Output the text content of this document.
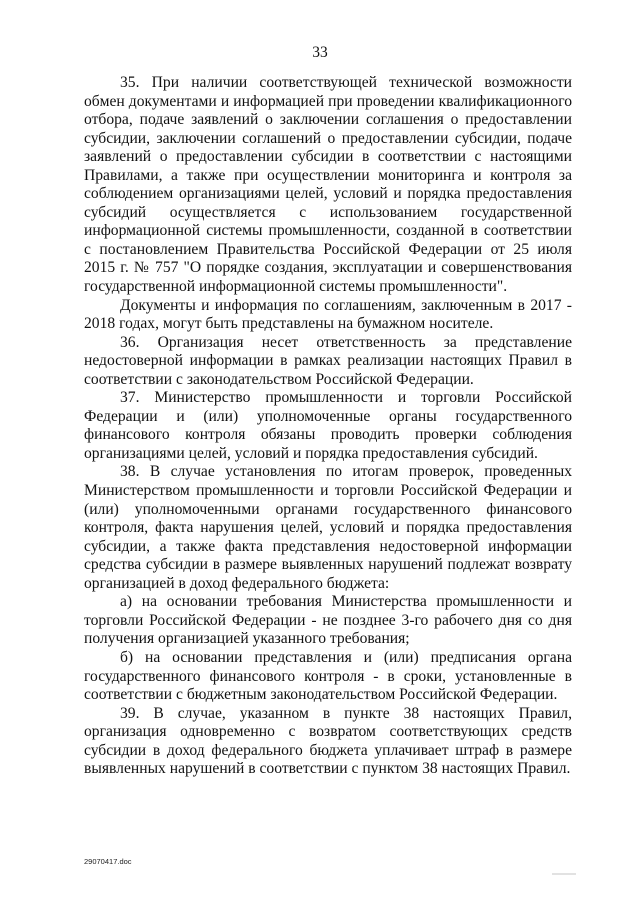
33

35. При наличии соответствующей технической возможности обмен документами и информацией при проведении квалификационного отбора, подаче заявлений о заключении соглашения о предоставлении субсидии, заключении соглашений о предоставлении субсидии, подаче заявлений о предоставлении субсидии в соответствии с настоящими Правилами, а также при осуществлении мониторинга и контроля за соблюдением организациями целей, условий и порядка предоставления субсидий осуществляется с использованием государственной информационной системы промышленности, созданной в соответствии с постановлением Правительства Российской Федерации от 25 июля 2015 г. № 757 "О порядке создания, эксплуатации и совершенствования государственной информационной системы промышленности".

Документы и информация по соглашениям, заключенным в 2017 - 2018 годах, могут быть представлены на бумажном носителе.

36. Организация несет ответственность за представление недостоверной информации в рамках реализации настоящих Правил в соответствии с законодательством Российской Федерации.

37. Министерство промышленности и торговли Российской Федерации и (или) уполномоченные органы государственного финансового контроля обязаны проводить проверки соблюдения организациями целей, условий и порядка предоставления субсидий.

38. В случае установления по итогам проверок, проведенных Министерством промышленности и торговли Российской Федерации и (или) уполномоченными органами государственного финансового контроля, факта нарушения целей, условий и порядка предоставления субсидии, а также факта представления недостоверной информации средства субсидии в размере выявленных нарушений подлежат возврату организацией в доход федерального бюджета:

а) на основании требования Министерства промышленности и торговли Российской Федерации - не позднее 3-го рабочего дня со дня получения организацией указанного требования;

б) на основании представления и (или) предписания органа государственного финансового контроля - в сроки, установленные в соответствии с бюджетным законодательством Российской Федерации.

39. В случае, указанном в пункте 38 настоящих Правил, организация одновременно с возвратом соответствующих средств субсидии в доход федерального бюджета уплачивает штраф в размере выявленных нарушений в соответствии с пунктом 38 настоящих Правил.

29070417.doc
